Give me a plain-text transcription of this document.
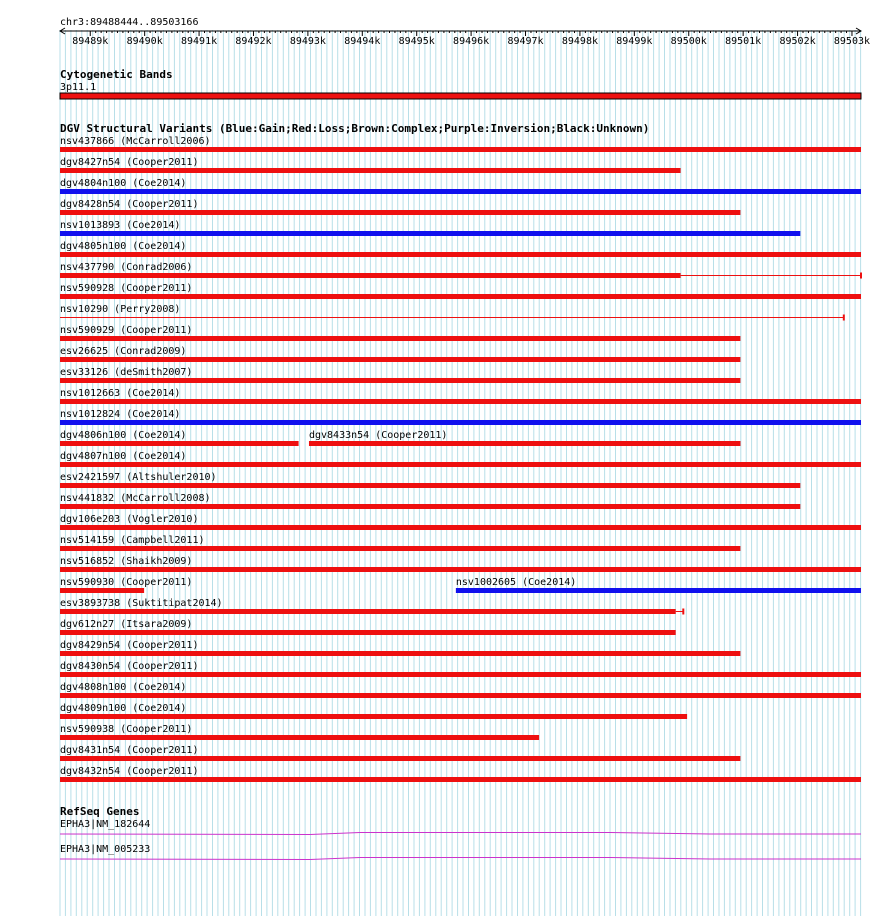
chr3:89488444..89503166
89489k 89490k 89491k 89492k 89493k 89494k 89495k 89496k 89497k 89498k 89499k 89500k 89501k 89502k 89503k
Cytogenetic Bands
3p11.1
DGV Structural Variants (Blue:Gain;Red:Loss;Brown:Complex;Purple:Inversion;Black:Unknown)
nsv437866 (McCarroll2006)
dgv8427n54 (Cooper2011)
dgv4804n100 (Coe2014)
dgv8428n54 (Cooper2011)
nsv1013893 (Coe2014)
dgv4805n100 (Coe2014)
nsv437790 (Conrad2006)
nsv590928 (Cooper2011)
nsv10290 (Perry2008)
nsv590929 (Cooper2011)
esv26625 (Conrad2009)
esv33126 (deSmith2007)
nsv1012663 (Coe2014)
nsv1012824 (Coe2014)
dgv4806n100 (Coe2014)	dgv8433n54 (Cooper2011)
dgv4807n100 (Coe2014)
esv2421597 (Altshuler2010)
nsv441832 (McCarroll2008)
dgv106e203 (Vogler2010)
nsv514159 (Campbell2011)
nsv516852 (Shaikh2009)
nsv590930 (Cooper2011)	nsv1002605 (Coe2014)
esv3893738 (Suktitipat2014)
dgv612n27 (Itsara2009)
dgv8429n54 (Cooper2011)
dgv8430n54 (Cooper2011)
dgv4808n100 (Coe2014)
dgv4809n100 (Coe2014)
nsv590938 (Cooper2011)
dgv8431n54 (Cooper2011)
dgv8432n54 (Cooper2011)
RefSeq Genes
EPHA3|NM_182644
EPHA3|NM_005233
